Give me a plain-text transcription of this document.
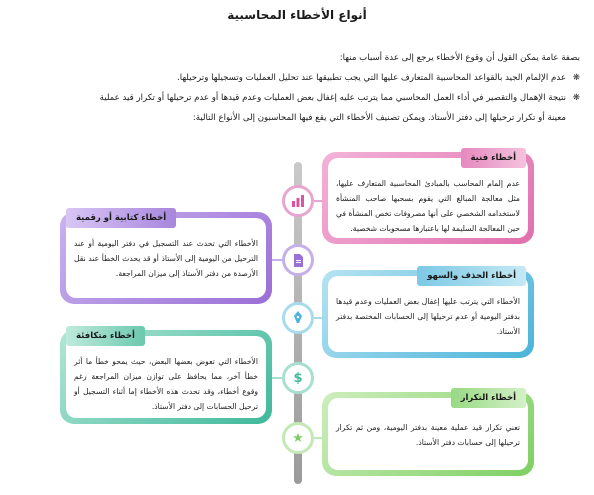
أنواع الأخطاء المحاسبية
بصفة عامة يمكن القول أن وقوع الأخطاء يرجع إلى عدة أسباب منها:
❋عدم الإلمام الجيد بالقواعد المحاسبية المتعارف عليها التي يجب تطبيقها عند تحليل العمليات وتسجيلها وترحيلها.
❋نتيجة الإهمال والتقصير في أداء العمل المحاسبي مما يترتب عليه إغفال بعض العمليات وعدم قيدها أو عدم ترحيلها أو تكرار قيد عملية
معينة أو تكرار ترحيلها إلى دفتر الأستاذ. ويمكن تصنيف الأخطاء التي يقع فيها المحاسبون إلى الأنواع التالية:
$
★
عدم إلمام المحاسب بالمبادئ المحاسبية المتعارف عليها، مثل معالجة المبالغ التي يقوم بسحبها صاحب المنشأة لاستخدامه الشخصي على أنها مصروفات تخص المنشأة في حين المعالجة السليمة لها باعتبارها مسحوبات شخصية.
أخطاء فنية
الأخطاء التي تحدث عند التسجيل في دفتر اليومية أو عند الترحيل من اليومية إلى الأستاذ أو قد يحدث الخطأ عند نقل الأرصدة من دفتر الأستاذ إلى ميزان المراجعة.
أخطاء كتابية أو رقمية
الأخطاء التي يترتب عليها إغفال بعض العمليات وعدم قيدها بدفتر اليومية أو عدم ترحيلها إلى الحسابات المختصة بدفتر الأستاذ.
أخطاء الحذف والسهو
الأخطاء التي تعوض بعضها البعض، حيث يمحو خطأ ما أثر خطأ آخر، مما يحافظ على توازن ميزان المراجعة رغم وقوع أخطاء، وقد تحدث هذه الأخطاء إما أثناء التسجيل أو ترحيل الحسابات إلى دفتر الأستاذ.
أخطاء متكافئة
تعني تكرار قيد عملية معينة بدفتر اليومية، ومن ثم تكرار ترحيلها إلى حسابات دفتر الأستاذ.
أخطاء التكرار
